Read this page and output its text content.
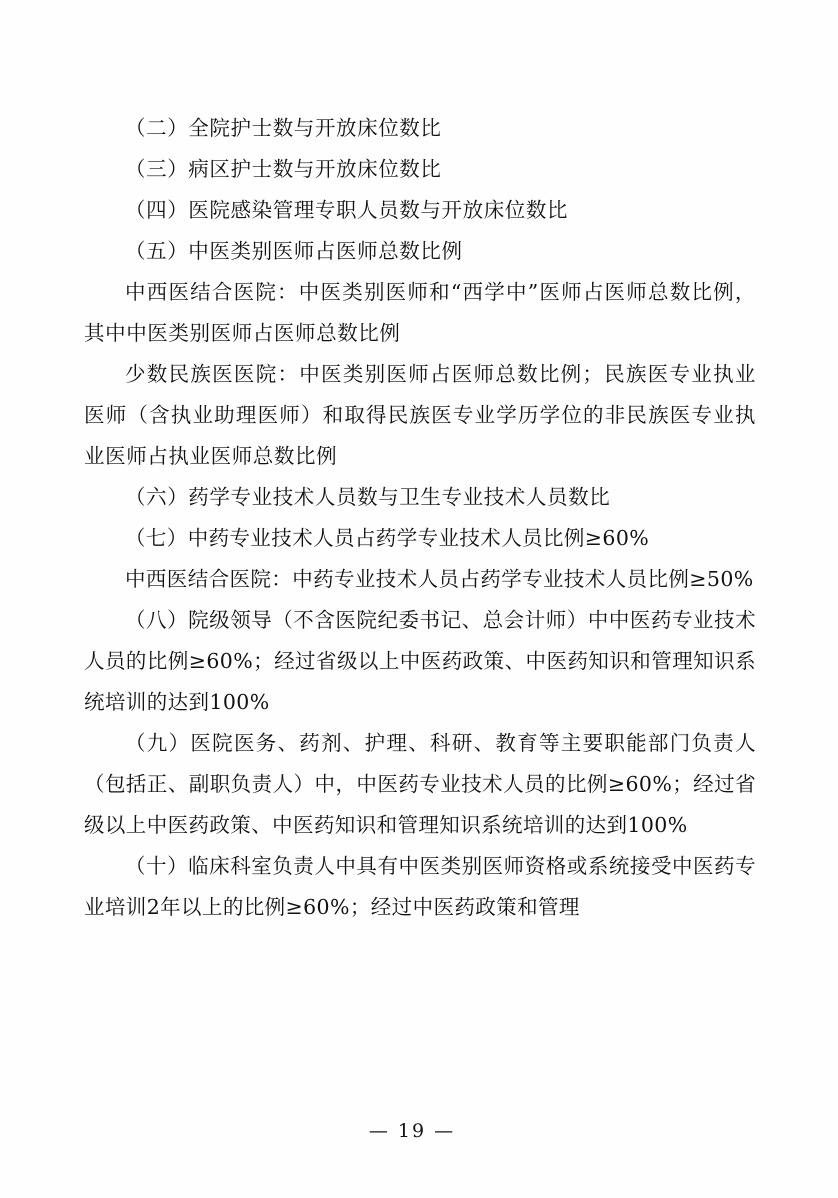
（二）全院护士数与开放床位数比

（三）病区护士数与开放床位数比

（四）医院感染管理专职人员数与开放床位数比

（五）中医类别医师占医师总数比例

中西医结合医院：中医类别医师和“西学中”医师占医师总数比例，其中中医类别医师占医师总数比例

少数民族医医院：中医类别医师占医师总数比例；民族医专业执业医师（含执业助理医师）和取得民族医专业学历学位的非民族医专业执业医师占执业医师总数比例

（六）药学专业技术人员数与卫生专业技术人员数比

（七）中药专业技术人员占药学专业技术人员比例≥60%

中西医结合医院：中药专业技术人员占药学专业技术人员比例≥50%

（八）院级领导（不含医院纪委书记、总会计师）中中医药专业技术人员的比例≥60%；经过省级以上中医药政策、中医药知识和管理知识系统培训的达到100%

（九）医院医务、药剂、护理、科研、教育等主要职能部门负责人（包括正、副职负责人）中，中医药专业技术人员的比例≥60%；经过省级以上中医药政策、中医药知识和管理知识系统培训的达到100%

（十）临床科室负责人中具有中医类别医师资格或系统接受中医药专业培训2年以上的比例≥60%；经过中医药政策和管理

— 19 —
